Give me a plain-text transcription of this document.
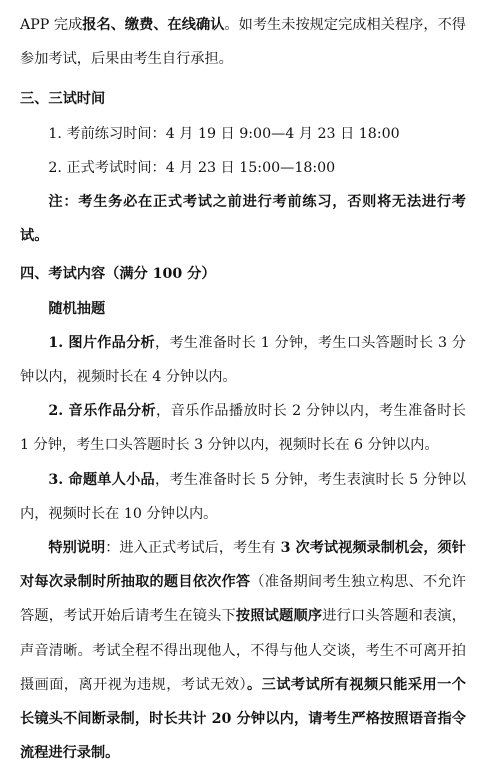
APP 完成报名、缴费、在线确认。如考生未按规定完成相关程序，不得参加考试，后果由考生自行承担。

三、三试时间

1. 考前练习时间：4 月 19 日 9:00—4 月 23 日 18:00

2. 正式考试时间：4 月 23 日 15:00—18:00

注：考生务必在正式考试之前进行考前练习，否则将无法进行考试。

四、考试内容（满分 100 分）

随机抽题

1. 图片作品分析，考生准备时长 1 分钟，考生口头答题时长 3 分钟以内，视频时长在 4 分钟以内。

2. 音乐作品分析，音乐作品播放时长 2 分钟以内，考生准备时长 1 分钟，考生口头答题时长 3 分钟以内，视频时长在 6 分钟以内。

3. 命题单人小品，考生准备时长 5 分钟，考生表演时长 5 分钟以内，视频时长在 10 分钟以内。

特别说明：进入正式考试后，考生有 3 次考试视频录制机会，须针对每次录制时所抽取的题目依次作答（准备期间考生独立构思、不允许答题，考试开始后请考生在镜头下按照试题顺序进行口头答题和表演，声音清晰。考试全程不得出现他人，不得与他人交谈，考生不可离开拍摄画面，离开视为违规，考试无效）。三试考试所有视频只能采用一个长镜头不间断录制，时长共计 20 分钟以内，请考生严格按照语音指令流程进行录制。
